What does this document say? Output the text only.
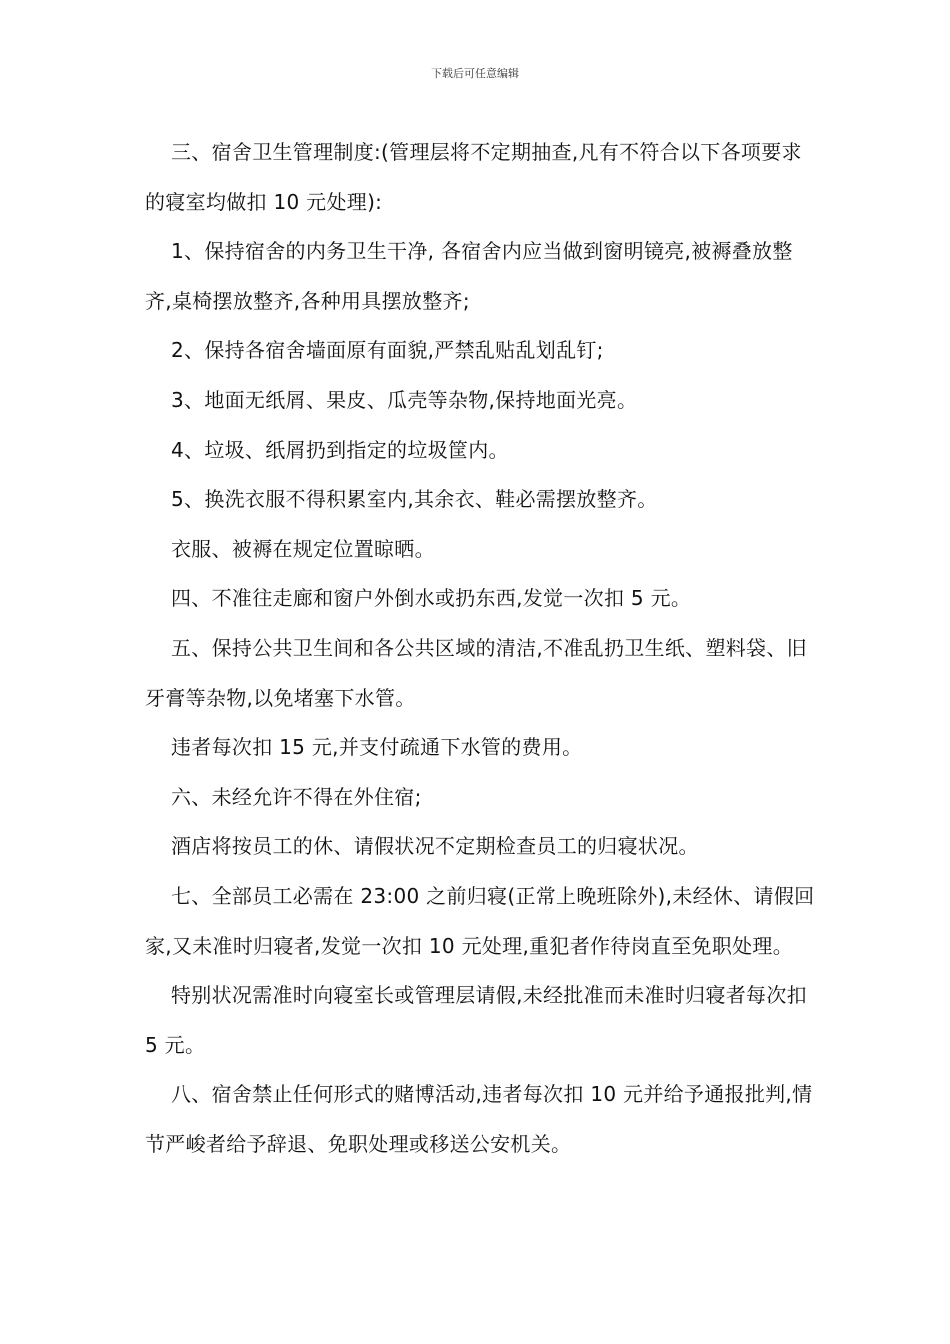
下载后可任意编辑

三、宿舍卫生管理制度:(管理层将不定期抽查,凡有不符合以下各项要求的寝室均做扣 10 元处理):

1、保持宿舍的内务卫生干净, 各宿舍内应当做到窗明镜亮,被褥叠放整齐,桌椅摆放整齐,各种用具摆放整齐;

2、保持各宿舍墙面原有面貌,严禁乱贴乱划乱钉;

3、地面无纸屑、果皮、瓜壳等杂物,保持地面光亮。

4、垃圾、纸屑扔到指定的垃圾筐内。

5、换洗衣服不得积累室内,其余衣、鞋必需摆放整齐。

衣服、被褥在规定位置晾晒。

四、不准往走廊和窗户外倒水或扔东西,发觉一次扣 5 元。

五、保持公共卫生间和各公共区域的清洁,不准乱扔卫生纸、塑料袋、旧牙膏等杂物,以免堵塞下水管。

违者每次扣 15 元,并支付疏通下水管的费用。

六、未经允许不得在外住宿;

酒店将按员工的休、请假状况不定期检查员工的归寝状况。

七、全部员工必需在 23:00 之前归寝(正常上晚班除外),未经休、请假回家,又未准时归寝者,发觉一次扣 10 元处理,重犯者作待岗直至免职处理。

特别状况需准时向寝室长或管理层请假,未经批准而未准时归寝者每次扣 5 元。

八、宿舍禁止任何形式的赌博活动,违者每次扣 10 元并给予通报批判,情节严峻者给予辞退、免职处理或移送公安机关。
